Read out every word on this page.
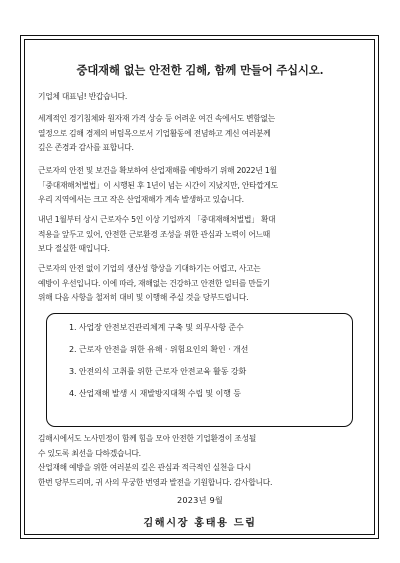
중대재해 없는 안전한 김해, 함께 만들어 주십시오.

기업체 대표님! 반갑습니다.

세계적인 경기침체와 원자재 가격 상승 등 어려운 여건 속에서도 변함없는
열정으로 김해 경제의 버팀목으로서 기업활동에 전념하고 계신 여러분께
깊은 존경과 감사를 표합니다.

근로자의 안전 및 보건을 확보하여 산업재해를 예방하기 위해 2022년 1월
「중대재해처벌법」이 시행된 후 1년이 넘는 시간이 지났지만, 안타깝게도
우리 지역에서는 크고 작은 산업재해가 계속 발생하고 있습니다.

내년 1월부터 상시 근로자수 5인 이상 기업까지 「중대재해처벌법」 확대
적용을 앞두고 있어, 안전한 근로환경 조성을 위한 관심과 노력이 어느때
보다 절실한 때입니다.

근로자의 안전 없이 기업의 생산성 향상을 기대하기는 어렵고, 사고는
예방이 우선입니다. 이에 따라, 재해없는 건강하고 안전한 일터를 만들기
위해 다음 사항을 철저히 대비 및 이행해 주실 것을 당부드립니다.

1. 사업장 안전보건관리체계 구축 및 의무사항 준수
2. 근로자 안전을 위한 유해 · 위험요인의 확인 · 개선
3. 안전의식 고취를 위한 근로자 안전교육 활동 강화
4. 산업재해 발생 시 재발방지대책 수립 및 이행 등

김해시에서도 노사민정이 함께 힘을 모아 안전한 기업환경이 조성될
수 있도록 최선을 다하겠습니다.

산업재해 예방을 위한 여러분의 깊은 관심과 적극적인 실천을 다시
한번 당부드리며, 귀 사의 무궁한 번영과 발전을 기원합니다. 감사합니다.

2023년 9월
김해시장 홍태용 드림
